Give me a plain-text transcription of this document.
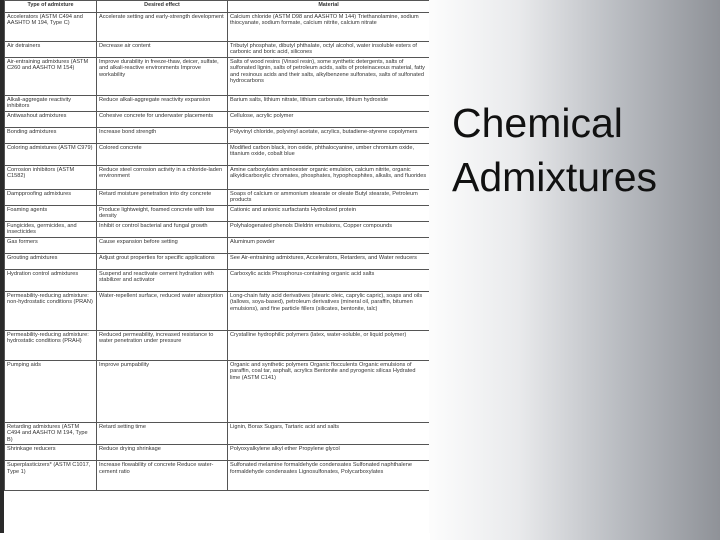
Type of admixture	Desired effect	Material
Accelerators (ASTM C494 and AASHTO M 194, Type C)	Accelerate setting and early-strength development	Calcium chloride (ASTM D98 and AASHTO M 144) Triethanolamine, sodium thiocyanate, sodium formate, calcium nitrite, calcium nitrate
Air detrainers	Decrease air content	Tributyl phosphate, dibutyl phthalate, octyl alcohol, water insoluble esters of carbonic and boric acid, silicones
Air-entraining admixtures (ASTM C260 and AASHTO M 154)	Improve durability in freeze-thaw, deicer, sulfate, and alkali-reactive environments Improve workability	Salts of wood resins (Vinsol resin), some synthetic detergents, salts of sulfonated lignin, salts of petroleum acids, salts of proteinaceous material, fatty and resinous acids and their salts, alkylbenzene sulfonates, salts of sulfonated hydrocarbons
Alkali-aggregate reactivity inhibitors	Reduce alkali-aggregate reactivity expansion	Barium salts, lithium nitrate, lithium carbonate, lithium hydroxide
Antiwashout admixtures	Cohesive concrete for underwater placements	Cellulose, acrylic polymer
Bonding admixtures	Increase bond strength	Polyvinyl chloride, polyvinyl acetate, acrylics, butadiene-styrene copolymers
Coloring admixtures (ASTM C979)	Colored concrete	Modified carbon black, iron oxide, phthalocyanine, umber chromium oxide, titanium oxide, cobalt blue
Corrosion inhibitors (ASTM C1582)	Reduce steel corrosion activity in a chloride-laden environment	Amine carboxylates aminoester organic emulsion, calcium nitrite, organic alkyidicarboxylic chromates, phosphates, hypophosphites, alkalis, and fluorides
Dampproofing admixtures	Retard moisture penetration into dry concrete	Soaps of calcium or ammonium stearate or oleate Butyl stearate, Petroleum products
Foaming agents	Produce lightweight, foamed concrete with low density	Cationic and anionic surfactants Hydrolized protein
Fungicides, germicides, and insecticides	Inhibit or control bacterial and fungal growth	Polyhalogenated phenols Dieldrin emulsions, Copper compounds
Gas formers	Cause expansion before setting	Aluminum powder
Grouting admixtures	Adjust grout properties for specific applications	See Air-entraining admixtures, Accelerators, Retarders, and Water reducers
Hydration control admixtures	Suspend and reactivate cement hydration with stabilizer and activator	Carboxylic acids Phosphorus-containing organic acid salts
Permeability-reducing admixture: non-hydrostatic conditions (PRAN)	Water-repellent surface, reduced water absorption	Long-chain fatty acid derivatives (stearic oleic, caprylic capric), soaps and oils (tallows, soya-based), petroleum derivatives (mineral oil, paraffin, bitumen emulsions), and fine particle fillers (silicates, bentonite, talc)
Permeability-reducing admixture: hydrostatic conditions (PRAH)	Reduced permeability, increased resistance to water penetration under pressure	Crystalline hydrophilic polymers (latex, water-soluble, or liquid polymer)
Pumping aids	Improve pumpability	Organic and synthetic polymers Organic flocculents Organic emulsions of paraffin, coal tar, asphalt, acrylics Bentonite and pyrogenic silicas Hydrated lime (ASTM C141)
Retarding admixtures (ASTM C494 and AASHTO M 194, Type B)	Retard setting time	Lignin, Borax Sugars, Tartaric acid and salts
Shrinkage reducers	Reduce drying shrinkage	Polyoxyalkylene alkyl ether Propylene glycol
Superplasticizers* (ASTM C1017, Type 1)	Increase flowability of concrete Reduce water-cement ratio	Sulfonated melamine formaldehyde condensates Sulfonated naphthalene formaldehyde condensates Lignosulfonates, Polycarboxylates
Chemical
Admixtures
